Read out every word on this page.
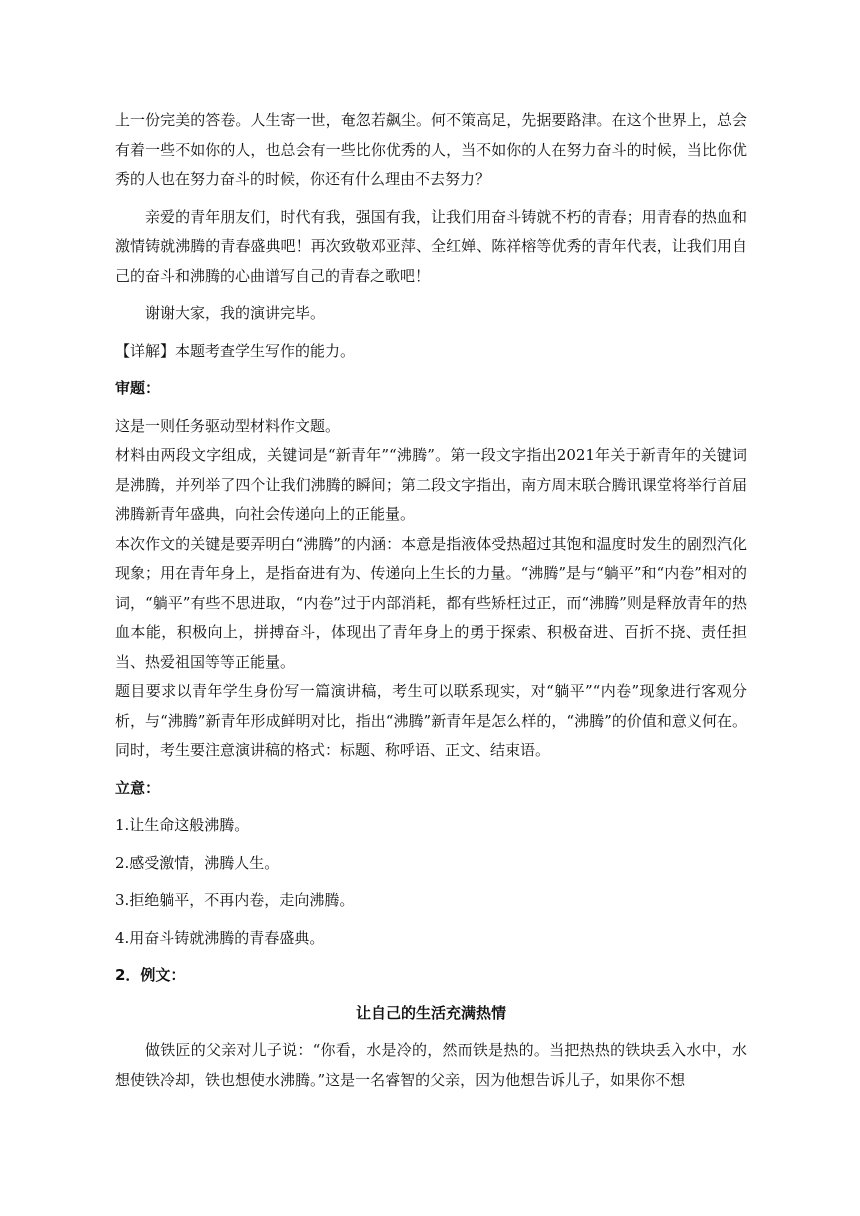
上一份完美的答卷。人生寄一世，奄忽若飙尘。何不策高足，先据要路津。在这个世界上，总会有着一些不如你的人，也总会有一些比你优秀的人，当不如你的人在努力奋斗的时候，当比你优秀的人也在努力奋斗的时候，你还有什么理由不去努力？

亲爱的青年朋友们，时代有我，强国有我，让我们用奋斗铸就不朽的青春；用青春的热血和激情铸就沸腾的青春盛典吧！再次致敬邓亚萍、全红婵、陈祥榕等优秀的青年代表，让我们用自己的奋斗和沸腾的心曲谱写自己的青春之歌吧！

谢谢大家，我的演讲完毕。

【详解】本题考查学生写作的能力。

审题：

这是一则任务驱动型材料作文题。

材料由两段文字组成，关键词是“新青年”“沸腾”。第一段文字指出2021年关于新青年的关键词是沸腾，并列举了四个让我们沸腾的瞬间；第二段文字指出，南方周末联合腾讯课堂将举行首届沸腾新青年盛典，向社会传递向上的正能量。

本次作文的关键是要弄明白“沸腾”的内涵：本意是指液体受热超过其饱和温度时发生的剧烈汽化现象；用在青年身上，是指奋进有为、传递向上生长的力量。“沸腾”是与“躺平”和“内卷”相对的词，“躺平”有些不思进取，“内卷”过于内部消耗，都有些矫枉过正，而“沸腾”则是释放青年的热血本能，积极向上，拼搏奋斗，体现出了青年身上的勇于探索、积极奋进、百折不挠、责任担当、热爱祖国等等正能量。

题目要求以青年学生身份写一篇演讲稿，考生可以联系现实，对“躺平”“内卷”现象进行客观分析，与“沸腾”新青年形成鲜明对比，指出“沸腾”新青年是怎么样的，“沸腾”的价值和意义何在。同时，考生要注意演讲稿的格式：标题、称呼语、正文、结束语。

立意：

1.让生命这般沸腾。

2.感受激情，沸腾人生。

3.拒绝躺平，不再内卷，走向沸腾。

4.用奋斗铸就沸腾的青春盛典。

2．例文：

让自己的生活充满热情

做铁匠的父亲对儿子说：“你看，水是冷的，然而铁是热的。当把热热的铁块丢入水中，水想使铁冷却，铁也想使水沸腾。”这是一名睿智的父亲，因为他想告诉儿子，如果你不想
